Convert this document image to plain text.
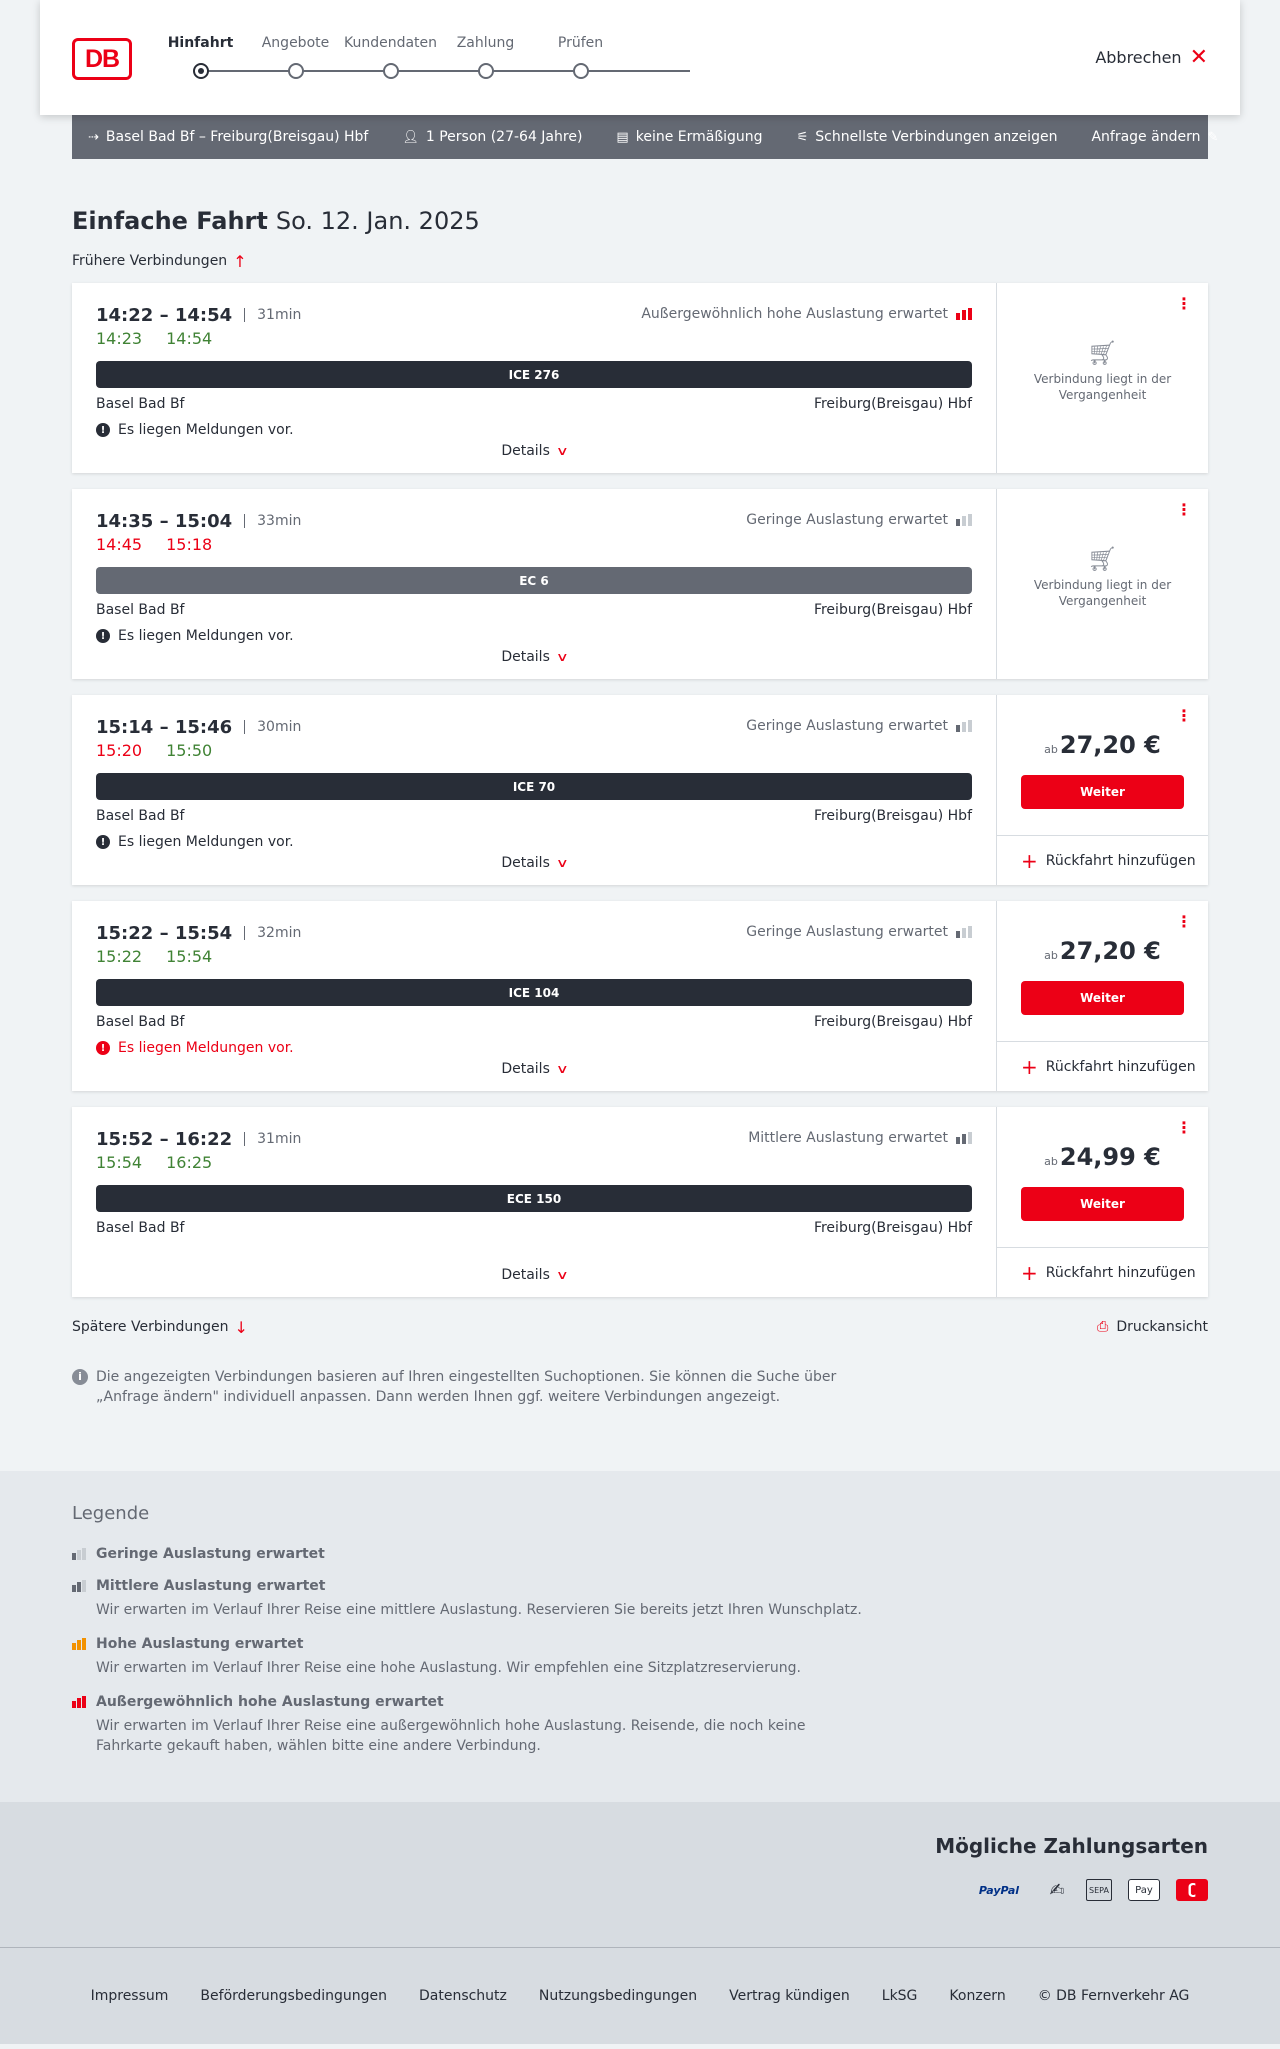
DB
Hinfahrt	Angebote	Kundendaten	Zahlung	Prüfen
Abbrechen ✕
⇢ Basel Bad Bf – Freiburg(Breisgau) Hbf	👤︎ 1 Person (27-64 Jahre)	▤ keine Ermäßigung	⚟ Schnellste Verbindungen anzeigen Anfrage ändern ✎
Einfache Fahrt So. 12. Jan. 2025
Frühere Verbindungen ↑
14:22 – 14:54	31min	Außergewöhnlich hohe Auslastung erwartet
14:23 14:54
ICE 276
Basel Bad Bf	Freiburg(Breisgau) Hbf
! Es liegen Meldungen vor.
Details ∨
⋮
🛒︎
Verbindung liegt in der Vergangenheit
14:35 – 15:04	33min	Geringe Auslastung erwartet
14:45 15:18
EC 6
Basel Bad Bf	Freiburg(Breisgau) Hbf
! Es liegen Meldungen vor.
Details ∨
⋮
🛒︎
Verbindung liegt in der Vergangenheit
15:14 – 15:46	30min	Geringe Auslastung erwartet
15:20 15:50
ICE 70
Basel Bad Bf	Freiburg(Breisgau) Hbf
! Es liegen Meldungen vor.
Details ∨
⋮
ab27,20 €
Weiter
+ Rückfahrt hinzufügen
15:22 – 15:54	32min	Geringe Auslastung erwartet
15:22 15:54
ICE 104
Basel Bad Bf	Freiburg(Breisgau) Hbf
! Es liegen Meldungen vor.
Details ∨
⋮
ab27,20 €
Weiter
+ Rückfahrt hinzufügen
15:52 – 16:22	31min	Mittlere Auslastung erwartet
15:54 16:25
ECE 150
Basel Bad Bf	Freiburg(Breisgau) Hbf
Details ∨
⋮
ab24,99 €
Weiter
+ Rückfahrt hinzufügen
Spätere Verbindungen ↓	⎙ Druckansicht
i	Die angezeigten Verbindungen basieren auf Ihren eingestellten Suchoptionen. Sie können die Suche über „Anfrage ändern" individuell anpassen. Dann werden Ihnen ggf. weitere Verbindungen angezeigt.
Legende
Geringe Auslastung erwartet
Mittlere Auslastung erwartet
Wir erwarten im Verlauf Ihrer Reise eine mittlere Auslastung. Reservieren Sie bereits jetzt Ihren Wunschplatz.
Hohe Auslastung erwartet
Wir erwarten im Verlauf Ihrer Reise eine hohe Auslastung. Wir empfehlen eine Sitzplatzreservierung.
Außergewöhnlich hohe Auslastung erwartet
Wir erwarten im Verlauf Ihrer Reise eine außergewöhnlich hohe Auslastung. Reisende, die noch keine Fahrkarte gekauft haben, wählen bitte eine andere Verbindung.
Mögliche Zahlungsarten
PayPal	✍	SEPA	Pay	ʗ
Impressum Beförderungsbedingungen Datenschutz Nutzungsbedingungen Vertrag kündigen LkSG Konzern © DB Fernverkehr AG
